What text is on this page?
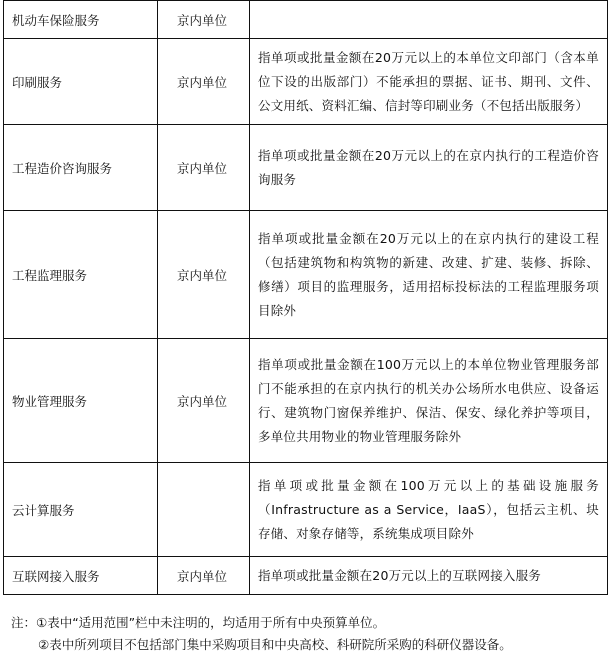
机动车保险服务	京内单位	
印刷服务	京内单位	指单项或批量金额在20万元以上的本单位文印部门（含本单位下设的出版部门）不能承担的票据、证书、期刊、文件、公文用纸、资料汇编、信封等印刷业务（不包括出版服务）
工程造价咨询服务	京内单位	指单项或批量金额在20万元以上的在京内执行的工程造价咨询服务
工程监理服务	京内单位	指单项或批量金额在20万元以上的在京内执行的建设工程（包括建筑物和构筑物的新建、改建、扩建、装修、拆除、修缮）项目的监理服务，适用招标投标法的工程监理服务项目除外
物业管理服务	京内单位	指单项或批量金额在100万元以上的本单位物业管理服务部门不能承担的在京内执行的机关办公场所水电供应、设备运行、建筑物门窗保养维护、保洁、保安、绿化养护等项目，多单位共用物业的物业管理服务除外
云计算服务		指单项或批量金额在100万元以上的基础设施服务（Infrastructure as a Service，IaaS），包括云主机、块存储、对象存储等，系统集成项目除外
互联网接入服务	京内单位	指单项或批量金额在20万元以上的互联网接入服务
注：①表中“适用范围”栏中未注明的，均适用于所有中央预算单位。
②表中所列项目不包括部门集中采购项目和中央高校、科研院所采购的科研仪器设备。
